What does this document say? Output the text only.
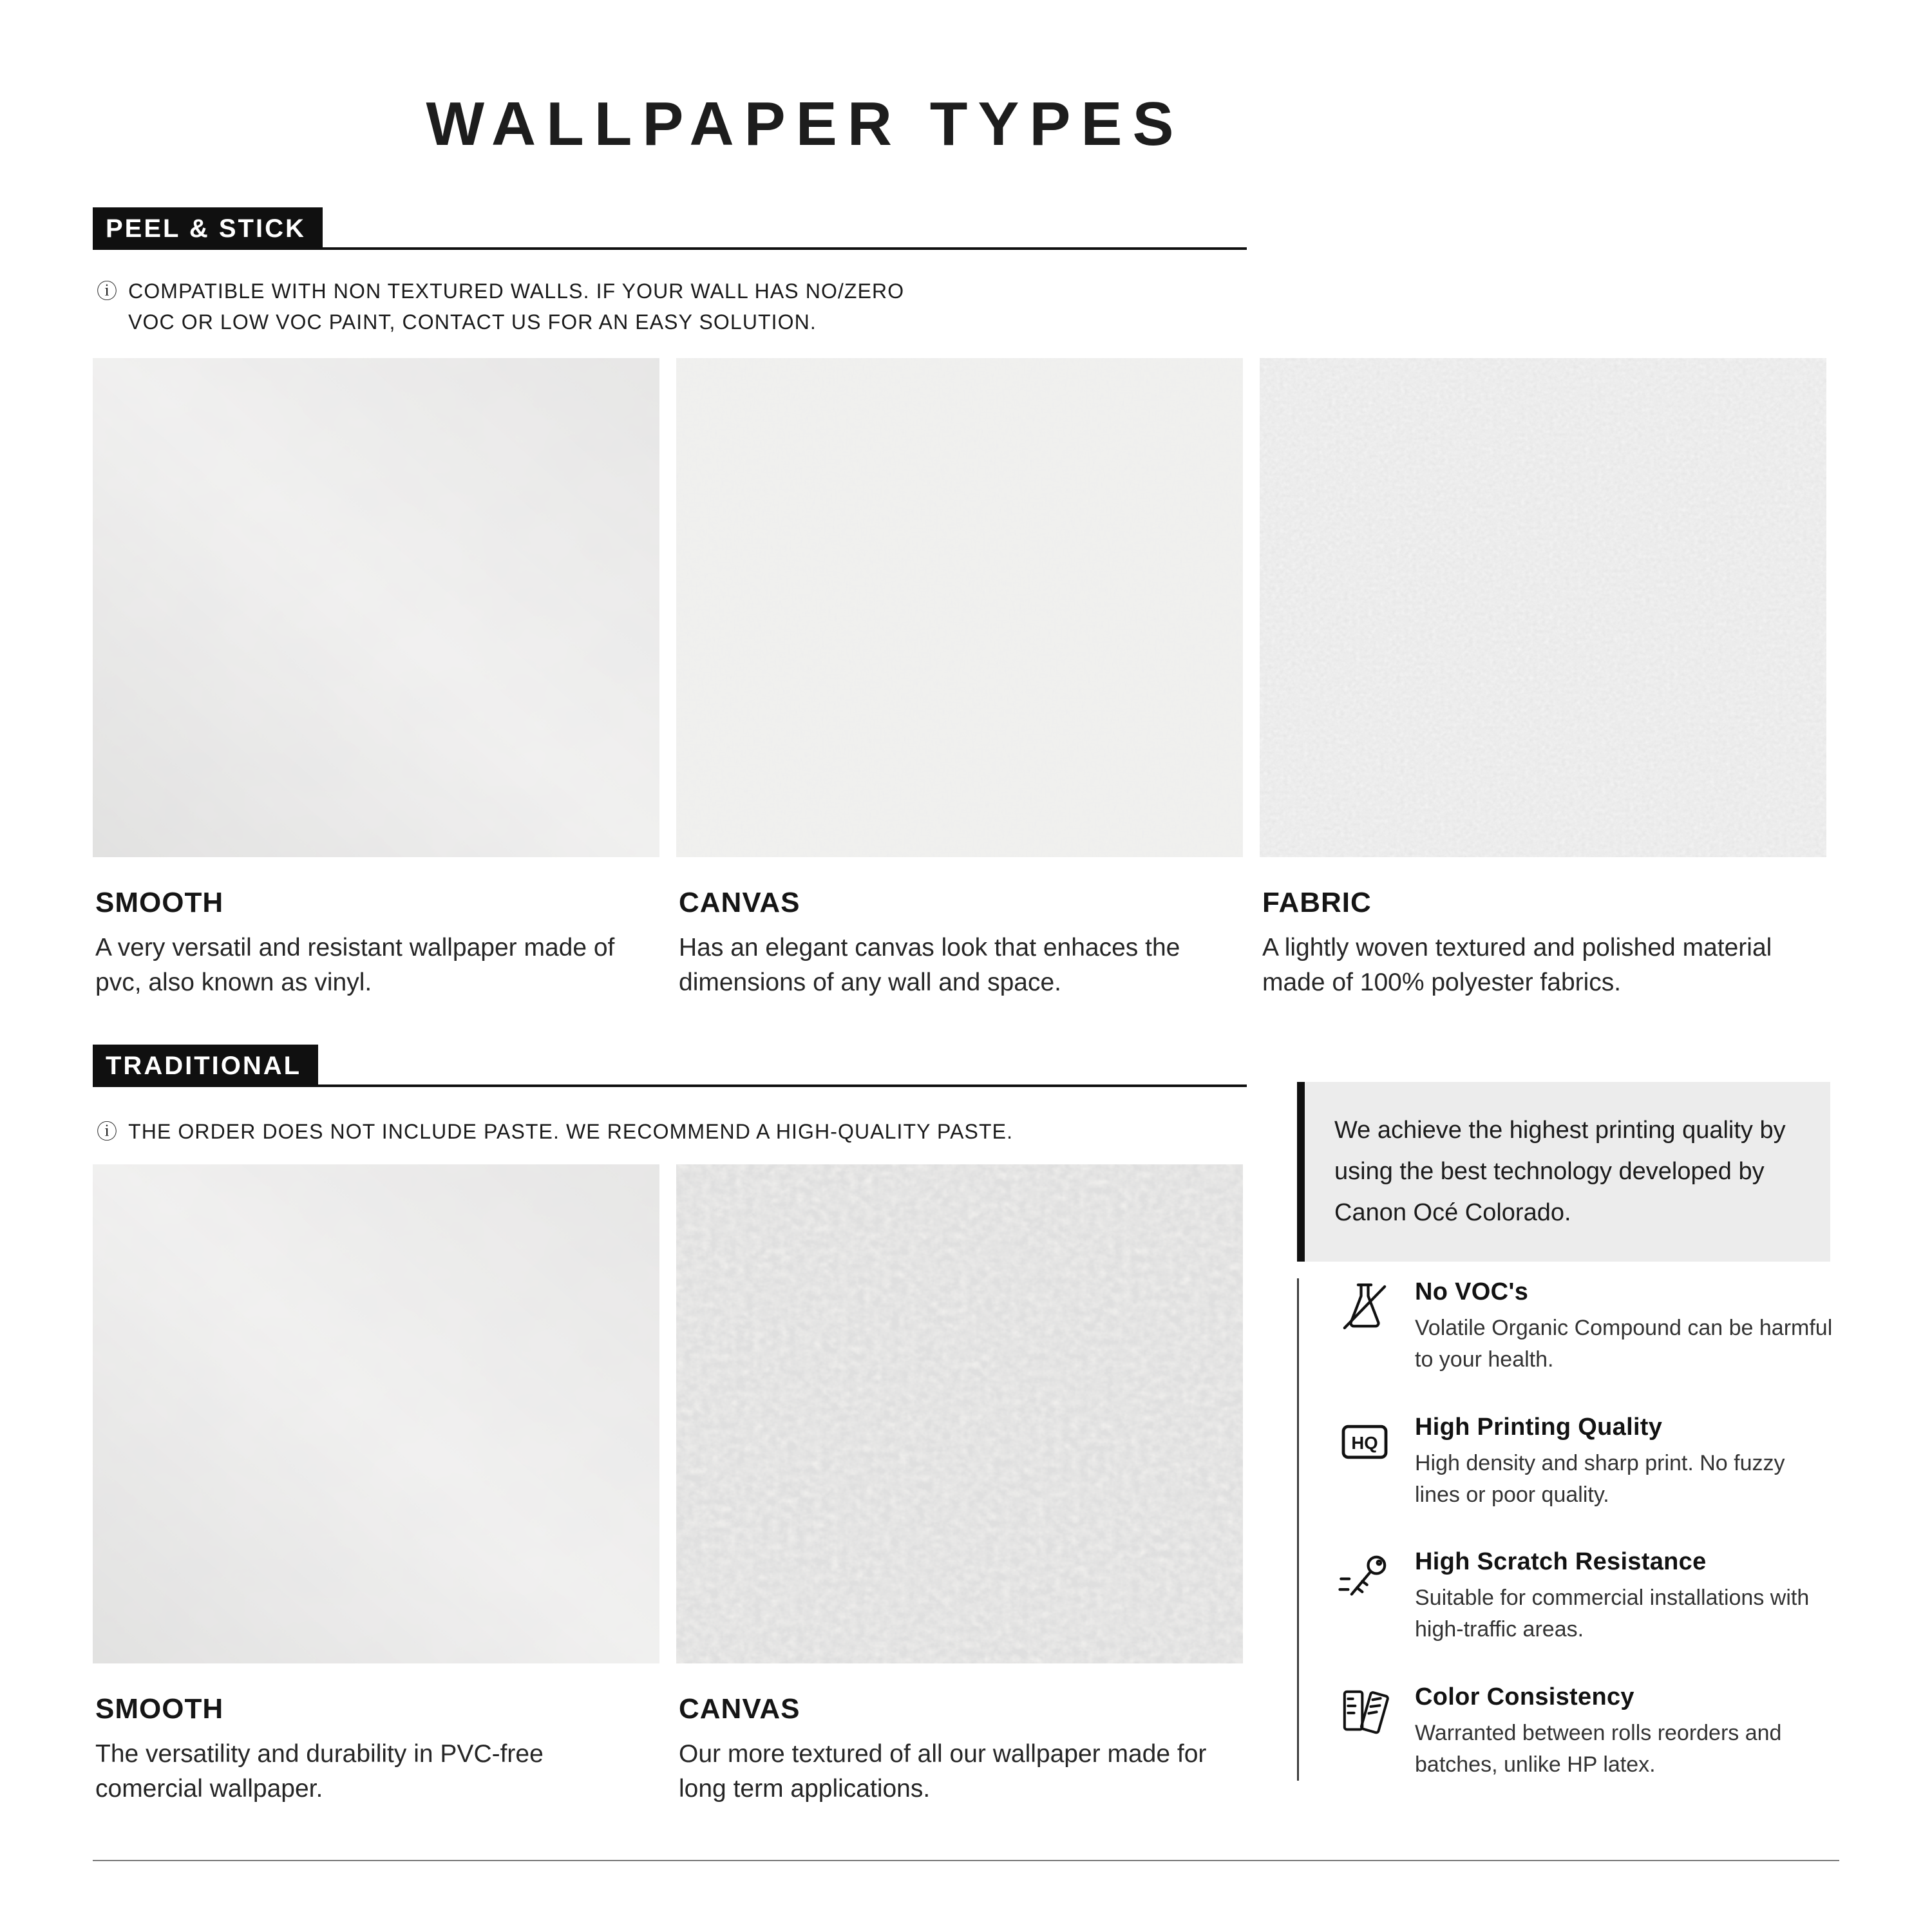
WALLPAPER TYPES
PEEL & STICK
ⓘ COMPATIBLE WITH NON TEXTURED WALLS. IF YOUR WALL HAS NO/ZERO
VOC OR LOW VOC PAINT, CONTACT US FOR AN EASY SOLUTION.
SMOOTH
A very versatil and resistant wallpaper made of pvc, also known as vinyl.
CANVAS
Has an elegant canvas look that enhaces the dimensions of any wall and space.
FABRIC
A lightly woven textured and polished material made of 100% polyester fabrics.
TRADITIONAL
ⓘ THE ORDER DOES NOT INCLUDE PASTE. WE RECOMMEND A HIGH-QUALITY PASTE.
SMOOTH
The versatility and durability in PVC-free comercial wallpaper.
CANVAS
Our more textured of all our wallpaper made for long term applications.
We achieve the highest printing quality by using the best technology developed by Canon Océ Colorado.
No VOC's
Volatile Organic Compound can be harmful to your health.
HQ
High Printing Quality
High density and sharp print. No fuzzy lines or poor quality.
High Scratch Resistance
Suitable for commercial installations with high-traffic areas.
Color Consistency
Warranted between rolls reorders and batches, unlike HP latex.
